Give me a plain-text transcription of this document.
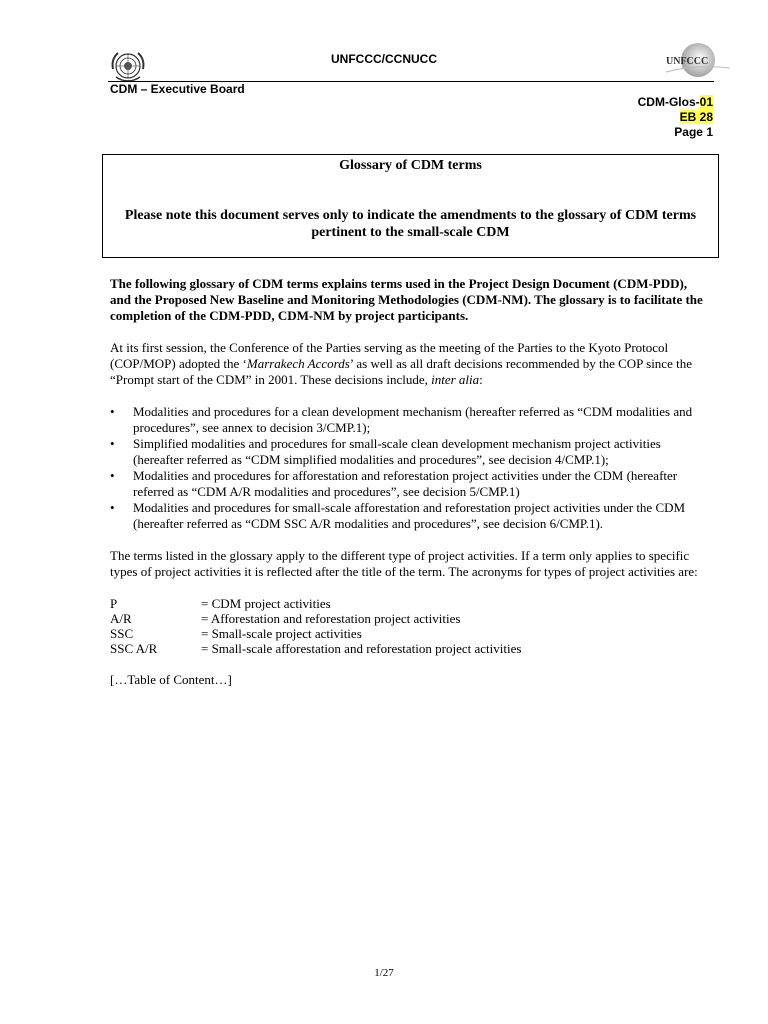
UNFCCC/CCNUCC	UNFCCC
CDM – Executive Board
CDM-Glos-01
EB 28
Page 1
Glossary of CDM terms
Please note this document serves only to indicate the amendments to the glossary of CDM terms pertinent to the small-scale CDM

The following glossary of CDM terms explains terms used in the Project Design Document (CDM-PDD), and the Proposed New Baseline and Monitoring Methodologies (CDM-NM). The glossary is to facilitate the completion of the CDM-PDD, CDM-NM by project participants.

At its first session, the Conference of the Parties serving as the meeting of the Parties to the Kyoto Protocol (COP/MOP) adopted the ‘Marrakech Accords’ as well as all draft decisions recommended by the COP since the “Prompt start of the CDM” in 2001. These decisions include, inter alia:

• Modalities and procedures for a clean development mechanism (hereafter referred as “CDM modalities and procedures”, see annex to decision 3/CMP.1);
• Simplified modalities and procedures for small-scale clean development mechanism project activities (hereafter referred as “CDM simplified modalities and procedures”, see decision 4/CMP.1);
• Modalities and procedures for afforestation and reforestation project activities under the CDM (hereafter referred as “CDM A/R modalities and procedures”, see decision 5/CMP.1)
• Modalities and procedures for small-scale afforestation and reforestation project activities under the CDM (hereafter referred as “CDM SSC A/R modalities and procedures”, see decision 6/CMP.1).

The terms listed in the glossary apply to the different type of project activities. If a term only applies to specific types of project activities it is reflected after the title of the term. The acronyms for types of project activities are:

P	= CDM project activities
A/R	= Afforestation and reforestation project activities
SSC	= Small-scale project activities
SSC A/R	= Small-scale afforestation and reforestation project activities

[…Table of Content…]

1/27
